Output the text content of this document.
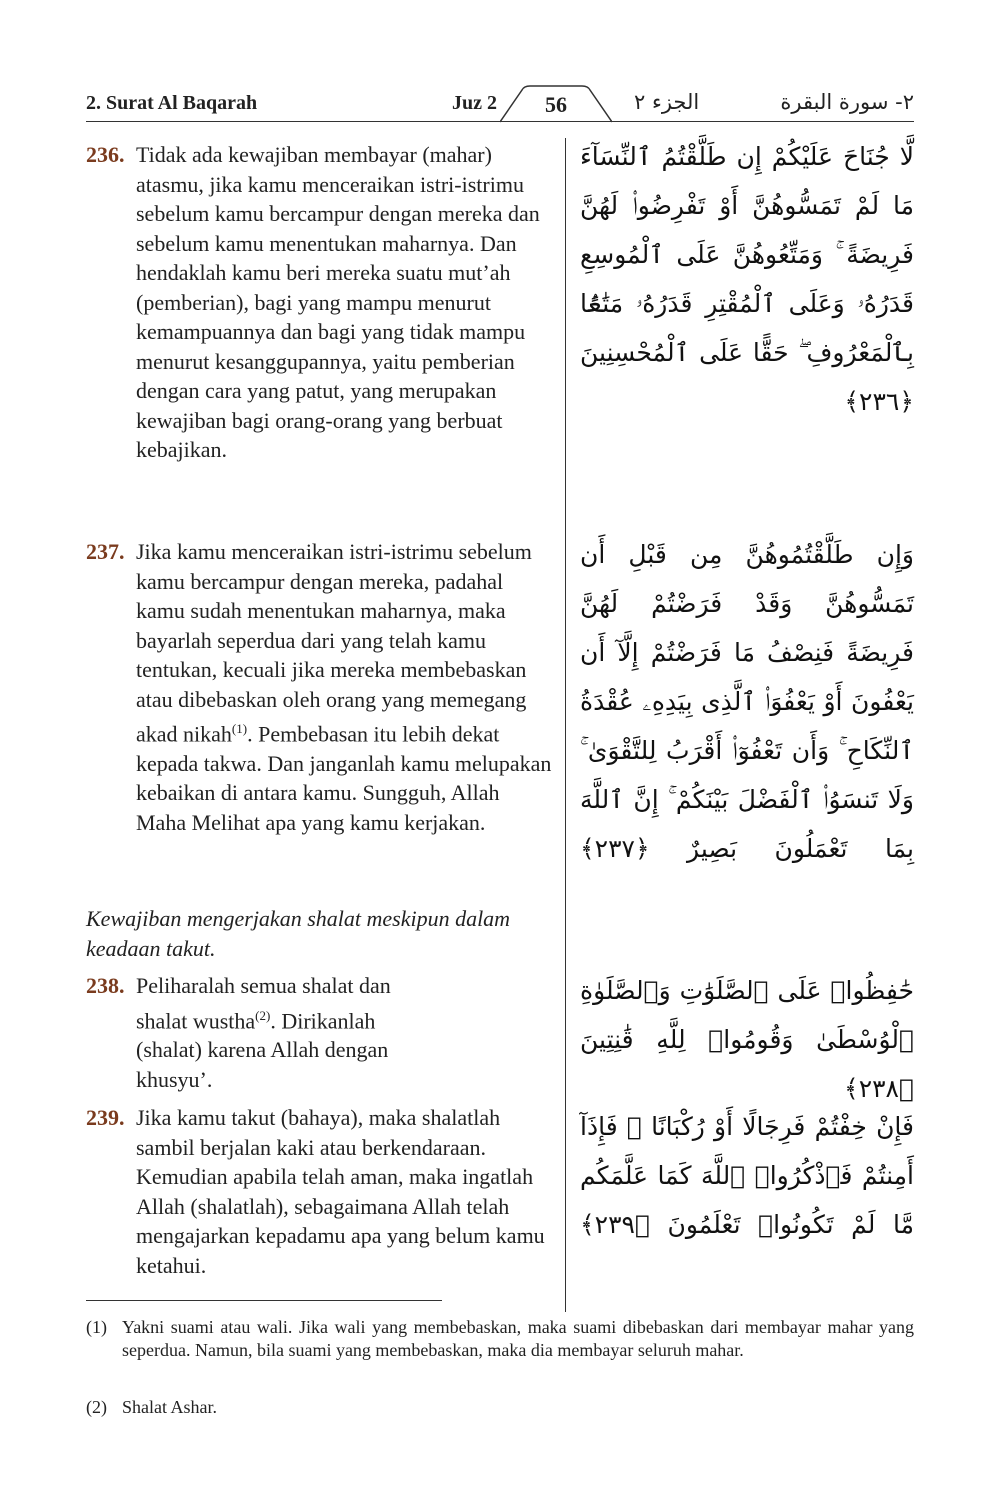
2. Surat Al Baqarah	Juz 2	56	الجزء ٢	٢- سورة البقرة
236. Tidak ada kewajiban membayar (mahar) atasmu, jika kamu menceraikan istri-istrimu sebelum kamu bercampur dengan mereka dan sebelum kamu menentukan maharnya. Dan hendaklah kamu beri mereka suatu mut’ah (pemberian), bagi yang mampu menurut kemampuannya dan bagi yang tidak mampu menurut kesanggupannya, yaitu pemberian dengan cara yang patut, yang merupakan kewajiban bagi orang-orang yang berbuat kebajikan.
لَّا جُنَاحَ عَلَيْكُمْ إِن طَلَّقْتُمُ ٱلنِّسَآءَ مَا لَمْ تَمَسُّوهُنَّ أَوْ تَفْرِضُوا۟ لَهُنَّ فَرِيضَةً ۚ وَمَتِّعُوهُنَّ عَلَى ٱلْمُوسِعِ قَدَرُهُۥ وَعَلَى ٱلْمُقْتِرِ قَدَرُهُۥ مَتَٰعًۢا بِٱلْمَعْرُوفِ ۖ حَقًّا عَلَى ٱلْمُحْسِنِينَ ﴿٢٣٦﴾
237. Jika kamu menceraikan istri-istrimu sebelum kamu bercampur dengan mereka, padahal kamu sudah menentukan maharnya, maka bayarlah seperdua dari yang telah kamu tentukan, kecuali jika mereka membebaskan atau dibebaskan oleh orang yang memegang akad nikah$^{(1)}$. Pembebasan itu lebih dekat kepada takwa. Dan janganlah kamu melupakan kebaikan di antara kamu. Sungguh, Allah Maha Melihat apa yang kamu kerjakan.
وَإِن طَلَّقْتُمُوهُنَّ مِن قَبْلِ أَن تَمَسُّوهُنَّ وَقَدْ فَرَضْتُمْ لَهُنَّ فَرِيضَةً فَنِصْفُ مَا فَرَضْتُمْ إِلَّآ أَن يَعْفُونَ أَوْ يَعْفُوَا۟ ٱلَّذِى بِيَدِهِۦ عُقْدَةُ ٱلنِّكَاحِ ۚ وَأَن تَعْفُوٓا۟ أَقْرَبُ لِلتَّقْوَىٰ ۚ وَلَا تَنسَوُا۟ ٱلْفَضْلَ بَيْنَكُمْ ۚ إِنَّ ٱللَّهَ بِمَا تَعْمَلُونَ بَصِيرٌ ﴿٢٣٧﴾
Kewajiban mengerjakan shalat meskipun dalam keadaan takut.
238. Peliharalah semua shalat dan shalat wustha$^{(2)}$. Dirikanlah (shalat) karena Allah dengan khusyu’.
حَٰفِظُوا۟ عَلَى ٱلصَّلَوَٰتِ وَٱلصَّلَوٰةِ ٱلْوُسْطَىٰ وَقُومُوا۟ لِلَّهِ قَٰنِتِينَ ﴿٢٣٨﴾
239. Jika kamu takut (bahaya), maka shalatlah sambil berjalan kaki atau berkendaraan. Kemudian apabila telah aman, maka ingatlah Allah (shalatlah), sebagaimana Allah telah mengajarkan kepadamu apa yang belum kamu ketahui.
فَإِنْ خِفْتُمْ فَرِجَالًا أَوْ رُكْبَانًا ۖ فَإِذَآ أَمِنتُمْ فَٱذْكُرُوا۟ ٱللَّهَ كَمَا عَلَّمَكُم مَّا لَمْ تَكُونُوا۟ تَعْلَمُونَ ﴿٢٣٩﴾
(1) Yakni suami atau wali. Jika wali yang membebaskan, maka suami dibebaskan dari membayar mahar yang seperdua. Namun, bila suami yang membebaskan, maka dia membayar seluruh mahar.
(2) Shalat Ashar.
